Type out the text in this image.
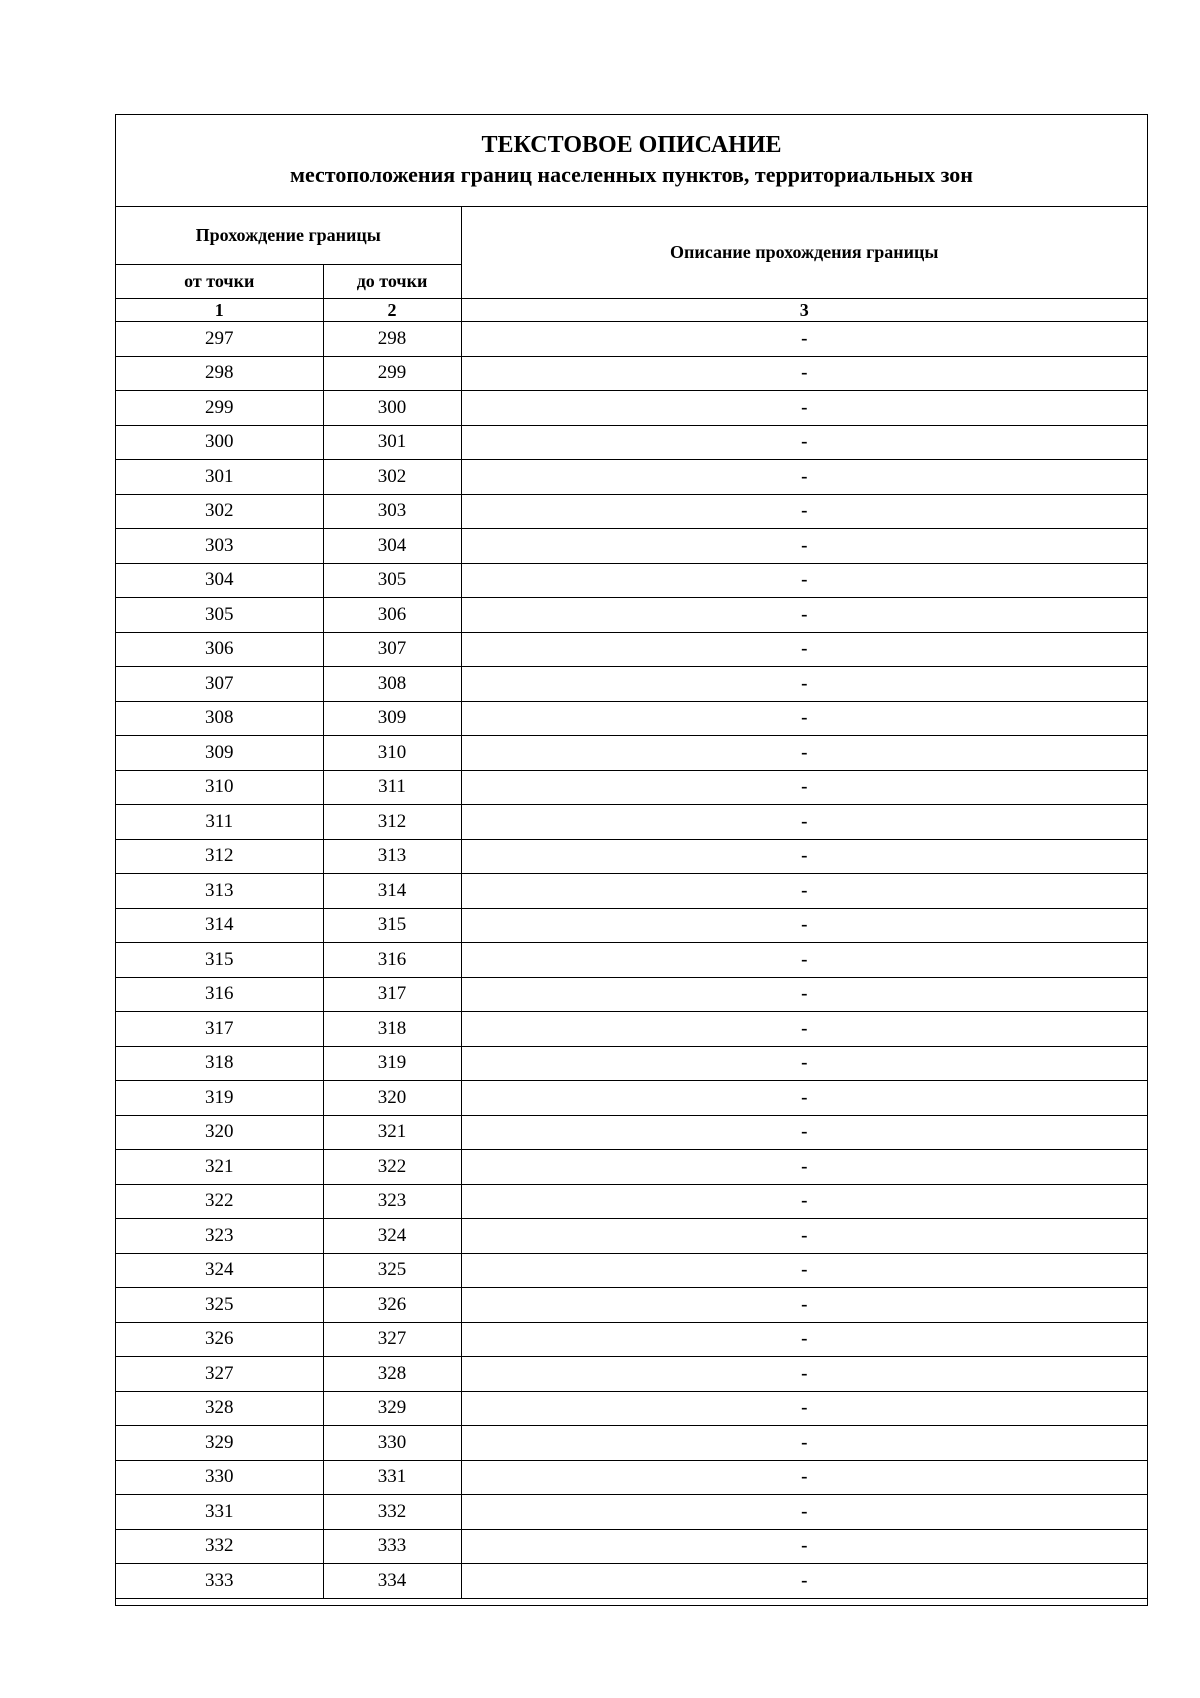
ТЕКСТОВОЕ ОПИСАНИЕ
местоположения границ населенных пунктов, территориальных зон
Прохождение границы		Описание прохождения границы
от точки	до точки	
1	2	3
297	298	-
298	299	-
299	300	-
300	301	-
301	302	-
302	303	-
303	304	-
304	305	-
305	306	-
306	307	-
307	308	-
308	309	-
309	310	-
310	311	-
311	312	-
312	313	-
313	314	-
314	315	-
315	316	-
316	317	-
317	318	-
318	319	-
319	320	-
320	321	-
321	322	-
322	323	-
323	324	-
324	325	-
325	326	-
326	327	-
327	328	-
328	329	-
329	330	-
330	331	-
331	332	-
332	333	-
333	334	-
